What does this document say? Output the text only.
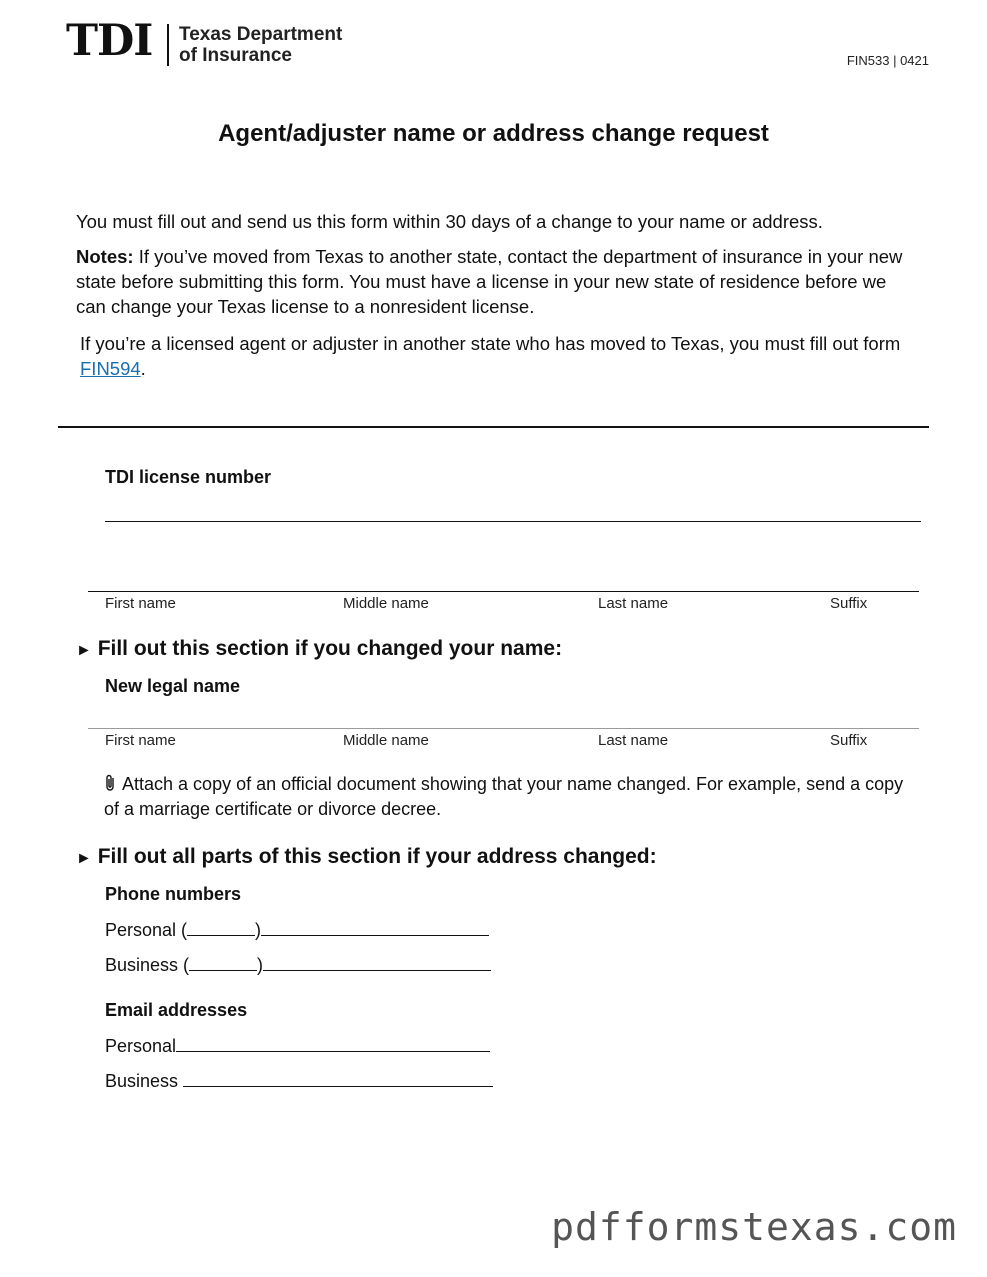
TDI Texas Department
of Insurance	FIN533 | 0421
Agent/adjuster name or address change request
You must fill out and send us this form within 30 days of a change to your name or address.
Notes: If you’ve moved from Texas to another state, contact the department of insurance in your new state before submitting this form. You must have a license in your new state of residence before we can change your Texas license to a nonresident license.
If you’re a licensed agent or adjuster in another state who has moved to Texas, you must fill out form FIN594.
TDI license number
First name	Middle name	Last name	Suffix
► Fill out this section if you changed your name:
New legal name
First name	Middle name	Last name	Suffix
Attach a copy of an official document showing that your name changed. For example, send a copy of a marriage certificate or divorce decree.
► Fill out all parts of this section if your address changed:
Phone numbers
Personal (	)
Business (	)
Email addresses
Personal
Business
pdfformstexas.com
